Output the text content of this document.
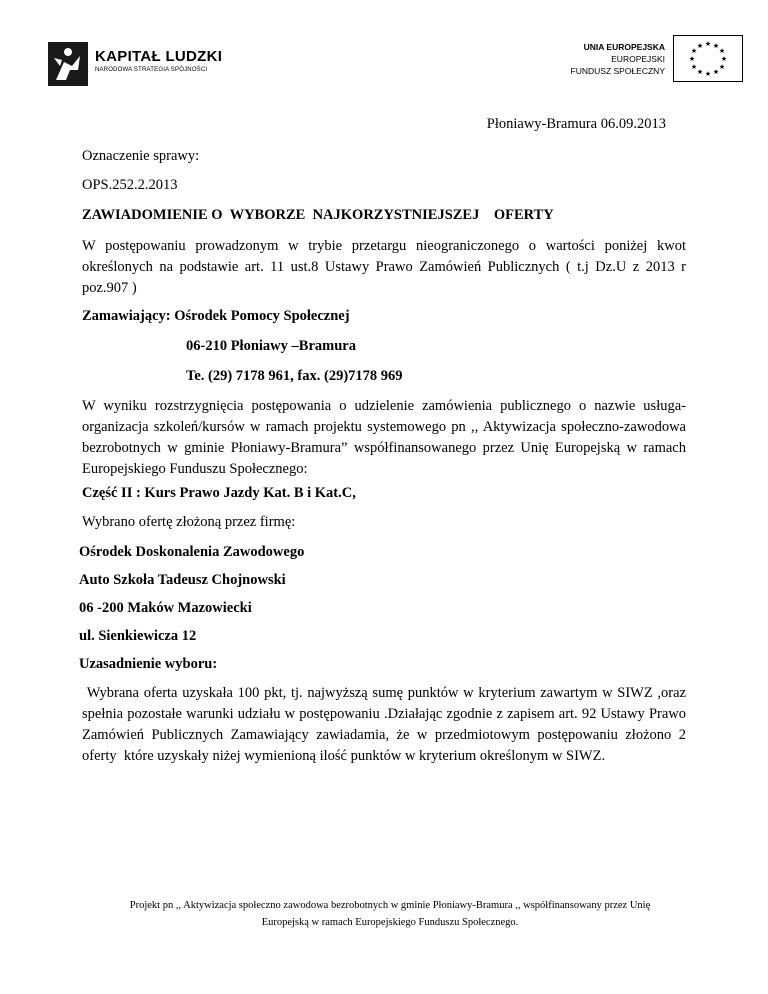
KAPITAŁ LUDZKI
NARODOWA STRATEGIA SPÓJNOŚCI
UNIA EUROPEJSKA
EUROPEJSKI
FUNDUSZ SPOŁECZNY
★ ★
★
★
★
★
★
★
★
★
★
★
Płoniawy-Bramura 06.09.2013
Oznaczenie sprawy:
OPS.252.2.2013
ZAWIADOMIENIE O  WYBORZE  NAJKORZYSTNIEJSZEJ    OFERTY

W postępowaniu prowadzonym w trybie przetargu nieograniczonego o wartości poniżej kwot określonych na podstawie art. 11 ust.8 Ustawy Prawo Zamówień Publicznych ( t.j Dz.U z 2013 r poz.907 )

Zamawiający: Ośrodek Pomocy Społecznej
06-210 Płoniawy –Bramura
Te. (29) 7178 961, fax. (29)7178 969

W wyniku rozstrzygnięcia postępowania o udzielenie zamówienia publicznego o nazwie usługa-organizacja szkoleń/kursów w ramach projektu systemowego pn ,, Aktywizacja społeczno-zawodowa bezrobotnych w gminie Płoniawy-Bramura” współfinansowanego przez Unię Europejską w ramach Europejskiego Funduszu Społecznego:

Część II : Kurs Prawo Jazdy Kat. B i Kat.C,
Wybrano ofertę złożoną przez firmę:
Ośrodek Doskonalenia Zawodowego
Auto Szkoła Tadeusz Chojnowski
06 -200 Maków Mazowiecki
ul. Sienkiewicza 12
Uzasadnienie wyboru:

Wybrana oferta uzyskała 100 pkt, tj. najwyższą sumę punktów w kryterium zawartym w SIWZ ,oraz spełnia pozostałe warunki udziału w postępowaniu .Działając zgodnie z zapisem art. 92 Ustawy Prawo Zamówień Publicznych Zamawiający zawiadamia, że w przedmiotowym postępowaniu złożono 2 oferty  które uzyskały niżej wymienioną ilość punktów w kryterium określonym w SIWZ.

Projekt pn ,, Aktywizacja społeczno zawodowa bezrobotnych w gminie Płoniawy-Bramura ,, współfinansowany przez Unię
Europejską w ramach Europejskiego Funduszu Społecznego.
